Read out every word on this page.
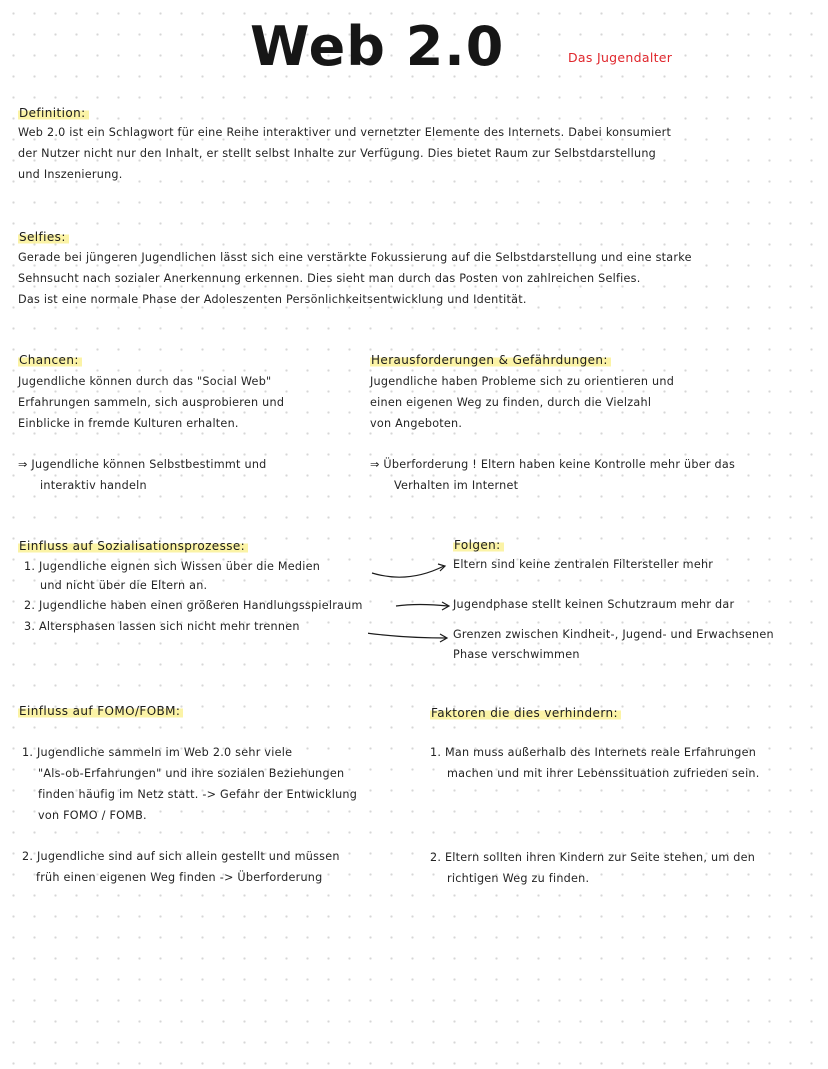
Web 2.0	Das Jugendalter
Definition:
Web 2.0 ist ein Schlagwort für eine Reihe interaktiver und vernetzter Elemente des Internets. Dabei konsumiert
der Nutzer nicht nur den Inhalt, er stellt selbst Inhalte zur Verfügung. Dies bietet Raum zur Selbstdarstellung
und Inszenierung.
Selfies:
Gerade bei jüngeren Jugendlichen lässt sich eine verstärkte Fokussierung auf die Selbstdarstellung und eine starke
Sehnsucht nach sozialer Anerkennung erkennen. Dies sieht man durch das Posten von zahlreichen Selfies.
Das ist eine normale Phase der Adoleszenten Persönlichkeitsentwicklung und Identität.
Chancen:
Jugendliche können durch das "Social Web"
Erfahrungen sammeln, sich ausprobieren und
Einblicke in fremde Kulturen erhalten.
⇒ Jugendliche können Selbstbestimmt und
interaktiv handeln
Herausforderungen & Gefährdungen:
Jugendliche haben Probleme sich zu orientieren und
einen eigenen Weg zu finden, durch die Vielzahl
von Angeboten.
⇒ Überforderung ! Eltern haben keine Kontrolle mehr über das
Verhalten im Internet
Einfluss auf Sozialisationsprozesse:
1. Jugendliche eignen sich Wissen über die Medien
und nicht über die Eltern an.
2. Jugendliche haben einen größeren Handlungsspielraum
3. Altersphasen lassen sich nicht mehr trennen
Folgen:
Eltern sind keine zentralen Filtersteller mehr
Jugendphase stellt keinen Schutzraum mehr dar
Grenzen zwischen Kindheit-, Jugend- und Erwachsenen
Phase verschwimmen
Einfluss auf FOMO/FOBM:
1. Jugendliche sammeln im Web 2.0 sehr viele
"Als-ob-Erfahrungen" und ihre sozialen Beziehungen
finden häufig im Netz statt. -> Gefahr der Entwicklung
von FOMO / FOMB.
2. Jugendliche sind auf sich allein gestellt und müssen
früh einen eigenen Weg finden -> Überforderung
Faktoren die dies verhindern:
1. Man muss außerhalb des Internets reale Erfahrungen
machen und mit ihrer Lebenssituation zufrieden sein.
2. Eltern sollten ihren Kindern zur Seite stehen, um den
richtigen Weg zu finden.
